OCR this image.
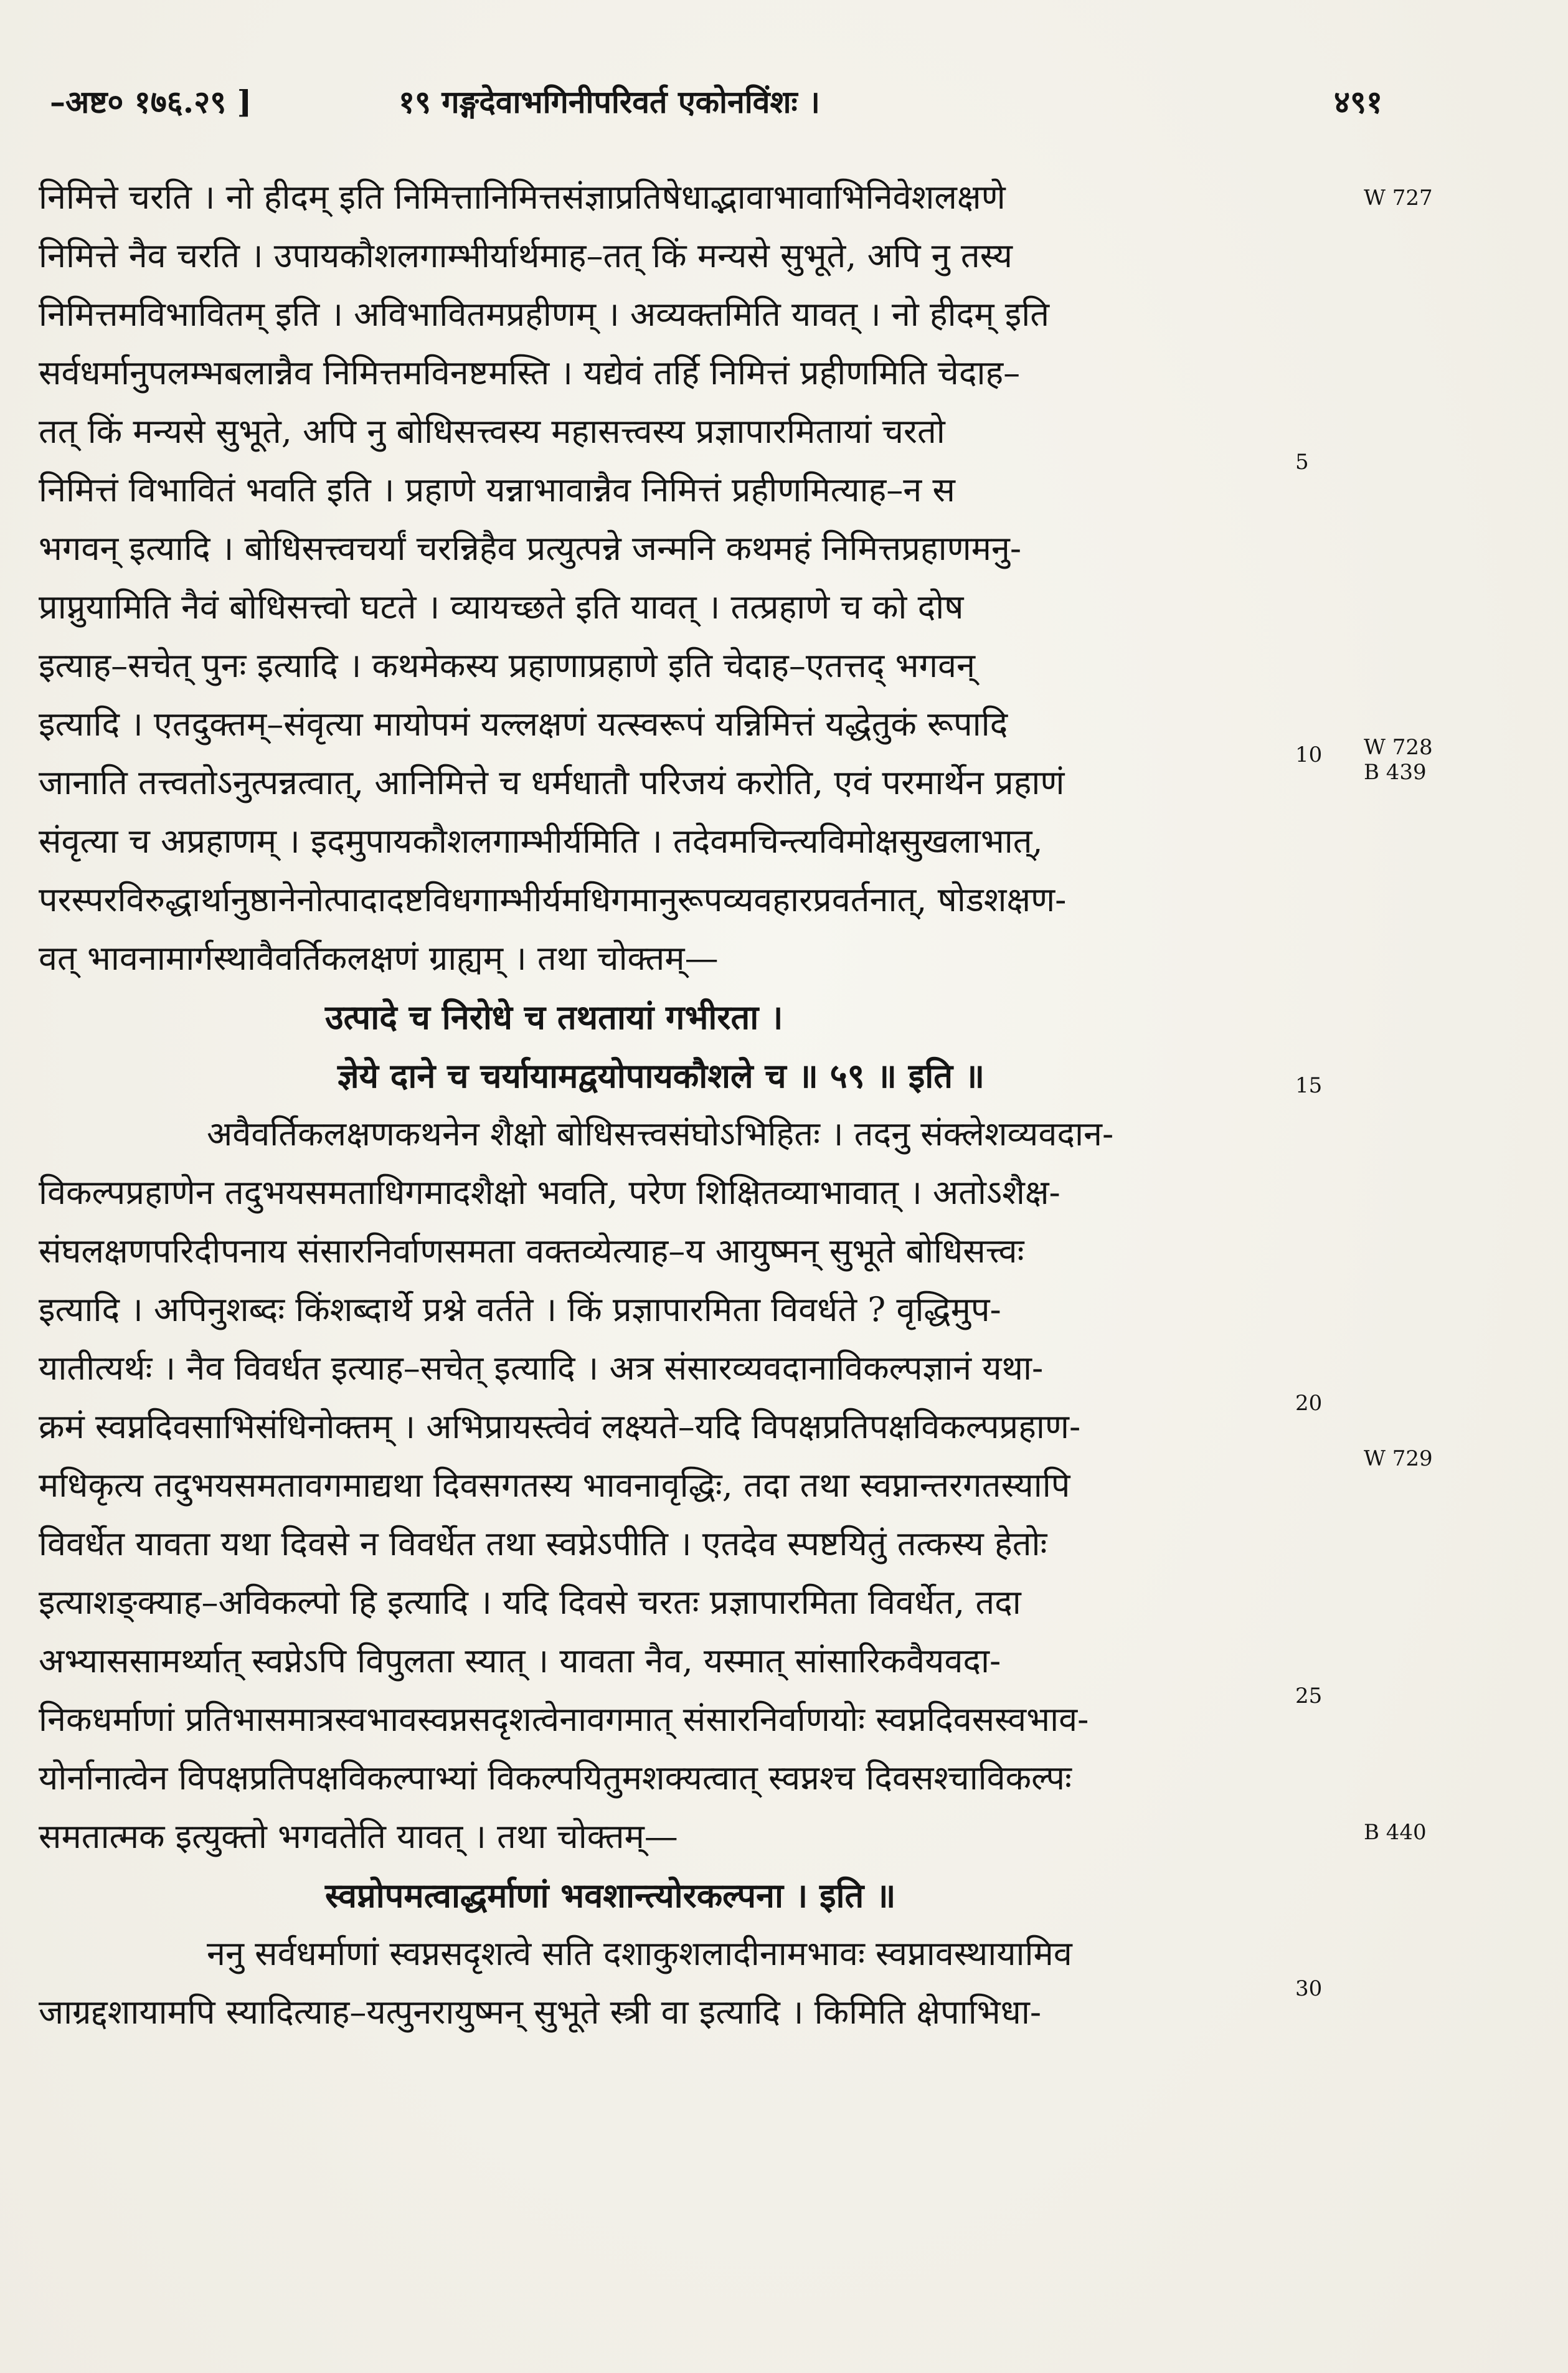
–अष्ट० १७६.२९ ]	१९ गङ्गदेवाभगिनीपरिवर्त एकोनविंशः ।	४९१
निमित्ते चरति । नो हीदम् इति निमित्तानिमित्तसंज्ञाप्रतिषेधाद्भावाभावाभिनिवेशलक्षणे
निमित्ते नैव चरति । उपायकौशलगाम्भीर्यार्थमाह–तत् किं मन्यसे सुभूते, अपि नु तस्य
निमित्तमविभावितम् इति । अविभावितमप्रहीणम् । अव्यक्तमिति यावत् । नो हीदम् इति
सर्वधर्मानुपलम्भबलान्नैव निमित्तमविनष्टमस्ति । यद्येवं तर्हि निमित्तं प्रहीणमिति चेदाह–
तत् किं मन्यसे सुभूते, अपि नु बोधिसत्त्वस्य महासत्त्वस्य प्रज्ञापारमितायां चरतो
निमित्तं विभावितं भवति इति । प्रहाणे यन्नाभावान्नैव निमित्तं प्रहीणमित्याह–न स
भगवन् इत्यादि । बोधिसत्त्वचर्यां चरन्निहैव प्रत्युत्पन्ने जन्मनि कथमहं निमित्तप्रहाणमनु-
प्राप्नुयामिति नैवं बोधिसत्त्वो घटते । व्यायच्छते इति यावत् । तत्प्रहाणे च को दोष
इत्याह–सचेत् पुनः इत्यादि । कथमेकस्य प्रहाणाप्रहाणे इति चेदाह–एतत्तद् भगवन्
इत्यादि । एतदुक्तम्–संवृत्या मायोपमं यल्लक्षणं यत्स्वरूपं यन्निमित्तं यद्धेतुकं रूपादि
जानाति तत्त्वतोऽनुत्पन्नत्वात्, आनिमित्ते च धर्मधातौ परिजयं करोति, एवं परमार्थेन प्रहाणं
संवृत्या च अप्रहाणम् । इदमुपायकौशलगाम्भीर्यमिति । तदेवमचिन्त्यविमोक्षसुखलाभात्,
परस्परविरुद्धार्थानुष्ठानेनोत्पादादष्टविधगाम्भीर्यमधिगमानुरूपव्यवहारप्रवर्तनात्, षोडशक्षण-
वत् भावनामार्गस्थावैवर्तिकलक्षणं ग्राह्यम् । तथा चोक्तम्—
उत्पादे च निरोधे च तथतायां गभीरता ।
ज्ञेये दाने च चर्यायामद्वयोपायकौशले च ॥ ५९ ॥ इति ॥
अवैवर्तिकलक्षणकथनेन शैक्षो बोधिसत्त्वसंघोऽभिहितः । तदनु संक्लेशव्यवदान-
विकल्पप्रहाणेन तदुभयसमताधिगमादशैक्षो भवति, परेण शिक्षितव्याभावात् । अतोऽशैक्ष-
संघलक्षणपरिदीपनाय संसारनिर्वाणसमता वक्तव्येत्याह–य आयुष्मन् सुभूते बोधिसत्त्वः
इत्यादि । अपिनुशब्दः किंशब्दार्थे प्रश्ने वर्तते । किं प्रज्ञापारमिता विवर्धते ? वृद्धिमुप-
यातीत्यर्थः । नैव विवर्धत इत्याह–सचेत् इत्यादि । अत्र संसारव्यवदानाविकल्पज्ञानं यथा-
क्रमं स्वप्नदिवसाभिसंधिनोक्तम् । अभिप्रायस्त्वेवं लक्ष्यते–यदि विपक्षप्रतिपक्षविकल्पप्रहाण-
मधिकृत्य तदुभयसमतावगमाद्यथा दिवसगतस्य भावनावृद्धिः, तदा तथा स्वप्नान्तरगतस्यापि
विवर्धेत यावता यथा दिवसे न विवर्धेत तथा स्वप्नेऽपीति । एतदेव स्पष्टयितुं तत्कस्य हेतोः
इत्याशङ्क्याह–अविकल्पो हि इत्यादि । यदि दिवसे चरतः प्रज्ञापारमिता विवर्धेत, तदा
अभ्याससामर्थ्यात् स्वप्नेऽपि विपुलता स्यात् । यावता नैव, यस्मात् सांसारिकवैयवदा-
निकधर्माणां प्रतिभासमात्रस्वभावस्वप्नसदृशत्वेनावगमात् संसारनिर्वाणयोः स्वप्नदिवसस्वभाव-
योर्नानात्वेन विपक्षप्रतिपक्षविकल्पाभ्यां विकल्पयितुमशक्यत्वात् स्वप्नश्च दिवसश्चाविकल्पः
समतात्मक इत्युक्तो भगवतेति यावत् । तथा चोक्तम्—
स्वप्नोपमत्वाद्धर्माणां भवशान्त्योरकल्पना । इति ॥
ननु सर्वधर्माणां स्वप्नसदृशत्वे सति दशाकुशलादीनामभावः स्वप्नावस्थायामिव
जाग्रद्दशायामपि स्यादित्याह–यत्पुनरायुष्मन् सुभूते स्त्री वा इत्यादि । किमिति क्षेपाभिधा-
5
10
15
20
25
30
W 727
W 728
B 439
W 729
B 440
